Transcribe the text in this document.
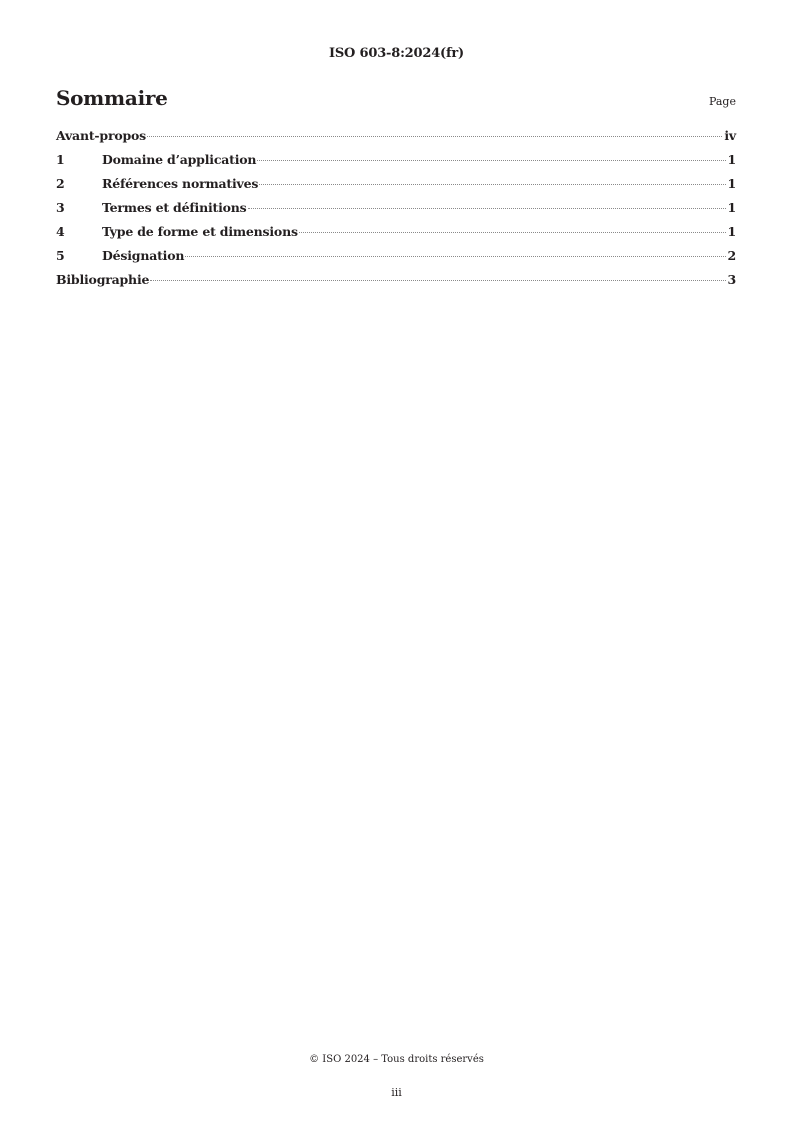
ISO 603-8:2024(fr)
Sommaire	Page
Avant-propos	iv
1	Domaine d’application	1
2	Références normatives	1
3	Termes et définitions	1
4	Type de forme et dimensions	1
5	Désignation	2
Bibliographie	3
© ISO 2024 – Tous droits réservés
iii
